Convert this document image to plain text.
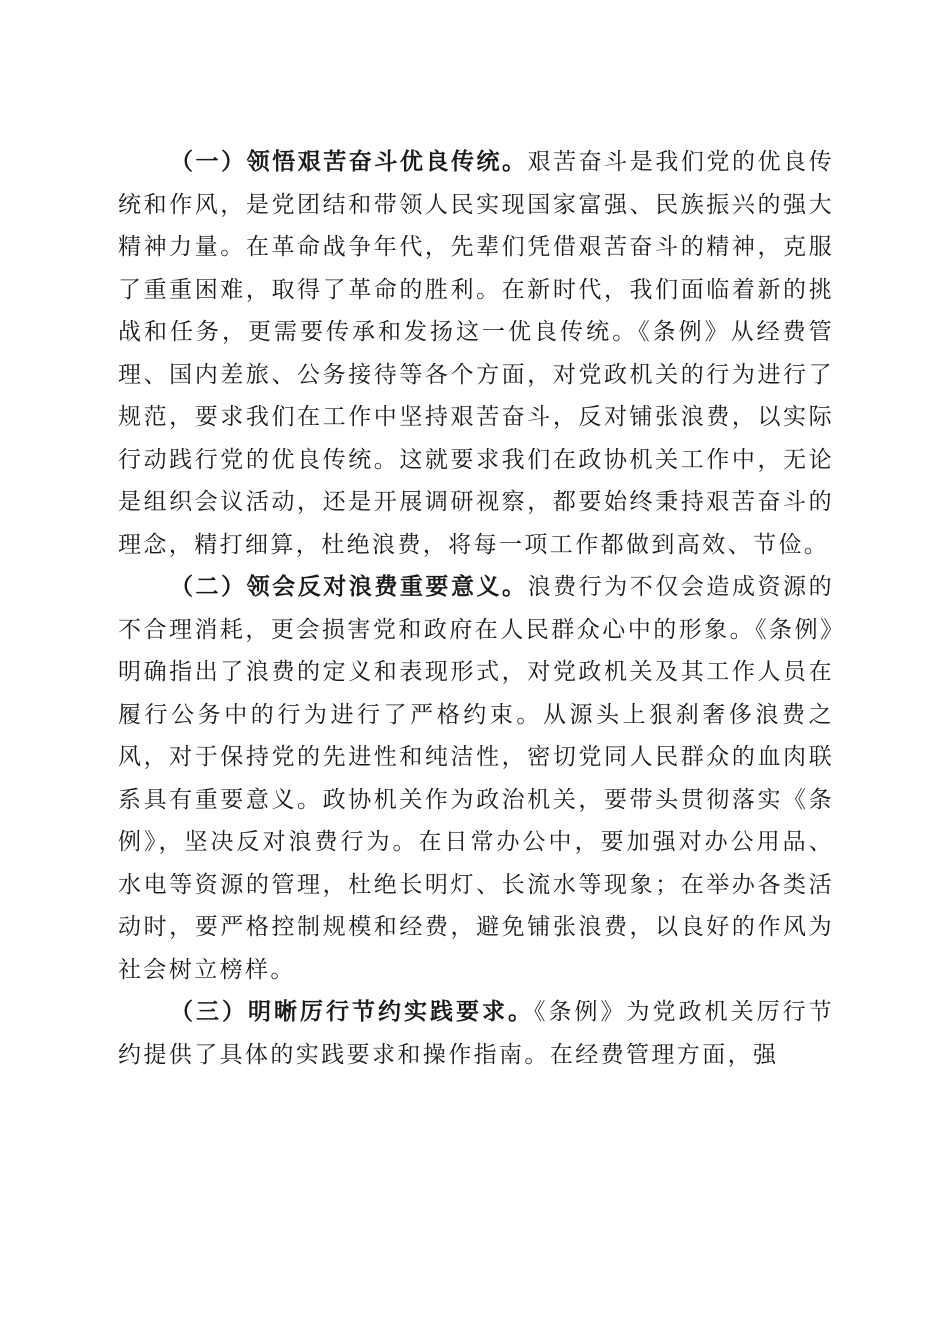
（一）领悟艰苦奋斗优良传统。艰苦奋斗是我们党的优良传统和作风，是党团结和带领人民实现国家富强、民族振兴的强大精神力量。在革命战争年代，先辈们凭借艰苦奋斗的精神，克服了重重困难，取得了革命的胜利。在新时代，我们面临着新的挑战和任务，更需要传承和发扬这一优良传统。《条例》从经费管理、国内差旅、公务接待等各个方面，对党政机关的行为进行了规范，要求我们在工作中坚持艰苦奋斗，反对铺张浪费，以实际行动践行党的优良传统。这就要求我们在政协机关工作中，无论是组织会议活动，还是开展调研视察，都要始终秉持艰苦奋斗的理念，精打细算，杜绝浪费，将每一项工作都做到高效、节俭。

（二）领会反对浪费重要意义。浪费行为不仅会造成资源的不合理消耗，更会损害党和政府在人民群众心中的形象。《条例》明确指出了浪费的定义和表现形式，对党政机关及其工作人员在履行公务中的行为进行了严格约束。从源头上狠刹奢侈浪费之风，对于保持党的先进性和纯洁性，密切党同人民群众的血肉联系具有重要意义。政协机关作为政治机关，要带头贯彻落实《条例》，坚决反对浪费行为。在日常办公中，要加强对办公用品、水电等资源的管理，杜绝长明灯、长流水等现象；在举办各类活动时，要严格控制规模和经费，避免铺张浪费，以良好的作风为社会树立榜样。

（三）明晰厉行节约实践要求。《条例》为党政机关厉行节约提供了具体的实践要求和操作指南。在经费管理方面，强
